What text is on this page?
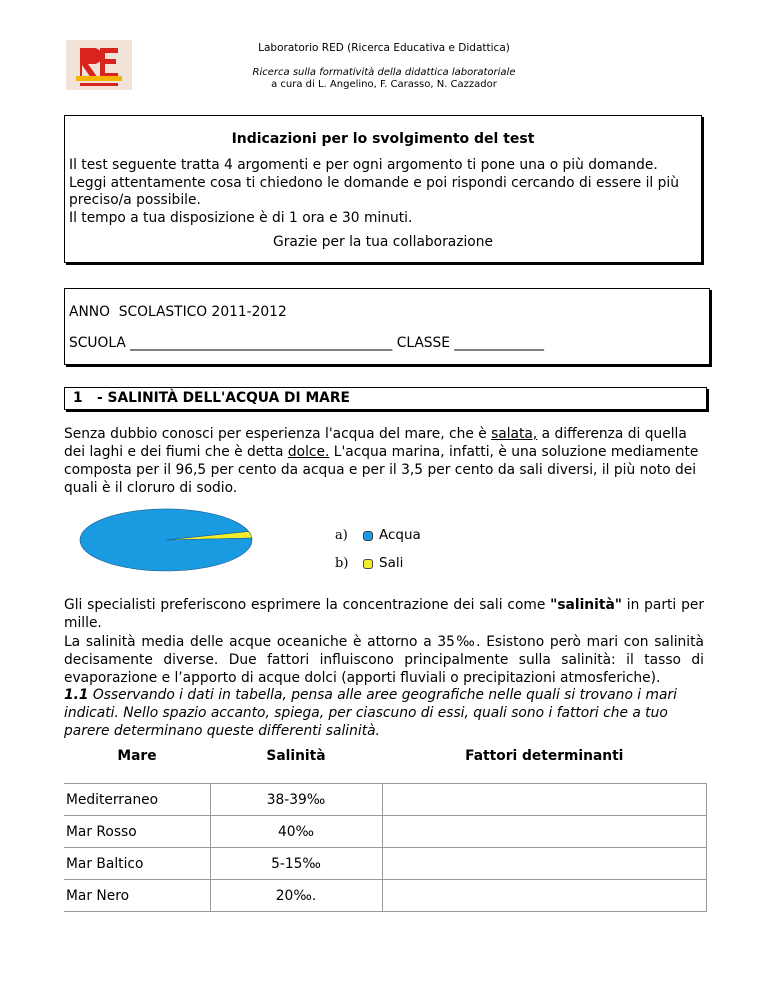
Laboratorio RED (Ricerca Educativa e Didattica)
Ricerca sulla formatività della didattica laboratoriale
a cura di L. Angelino, F. Carasso, N. Cazzador
Indicazioni per lo svolgimento del test
Il test seguente tratta 4 argomenti e per ogni argomento ti pone una o più domande.
Leggi attentamente cosa ti chiedono le domande e poi rispondi cercando di essere il più preciso/a possibile.
Il tempo a tua disposizione è di 1 ora e 30 minuti.
Grazie per la tua collaborazione
ANNO  SCOLASTICO 2011-2012
SCUOLA ______________________________________ CLASSE _____________
1   - SALINITÀ DELL'ACQUA DI MARE
Senza dubbio conosci per esperienza l'acqua del mare, che è salata, a differenza di quella dei laghi e dei fiumi che è detta dolce. L'acqua marina, infatti, è una soluzione mediamente composta per il 96,5 per cento da acqua e per il 3,5 per cento da sali diversi, il più noto dei quali è il cloruro di sodio.
a) Acqua
b) Sali
Gli specialisti preferiscono esprimere la concentrazione dei sali come "salinità" in parti per mille.
La salinità media delle acque oceaniche è attorno a 35‰. Esistono però mari con salinità decisamente diverse. Due fattori influiscono principalmente sulla salinità: il tasso di evaporazione e l’apporto di acque dolci (apporti fluviali o precipitazioni atmosferiche).
1.1 Osservando i dati in tabella, pensa alle aree geografiche nelle quali si trovano i mari indicati. Nello spazio accanto, spiega, per ciascuno di essi, quali sono i fattori che a tuo parere determinano queste differenti salinità.
Mare	Salinità	Fattori determinanti
Mediterraneo	38-39‰	
Mar Rosso	40‰	
Mar Baltico	5-15‰	
Mar Nero	20‰.	
